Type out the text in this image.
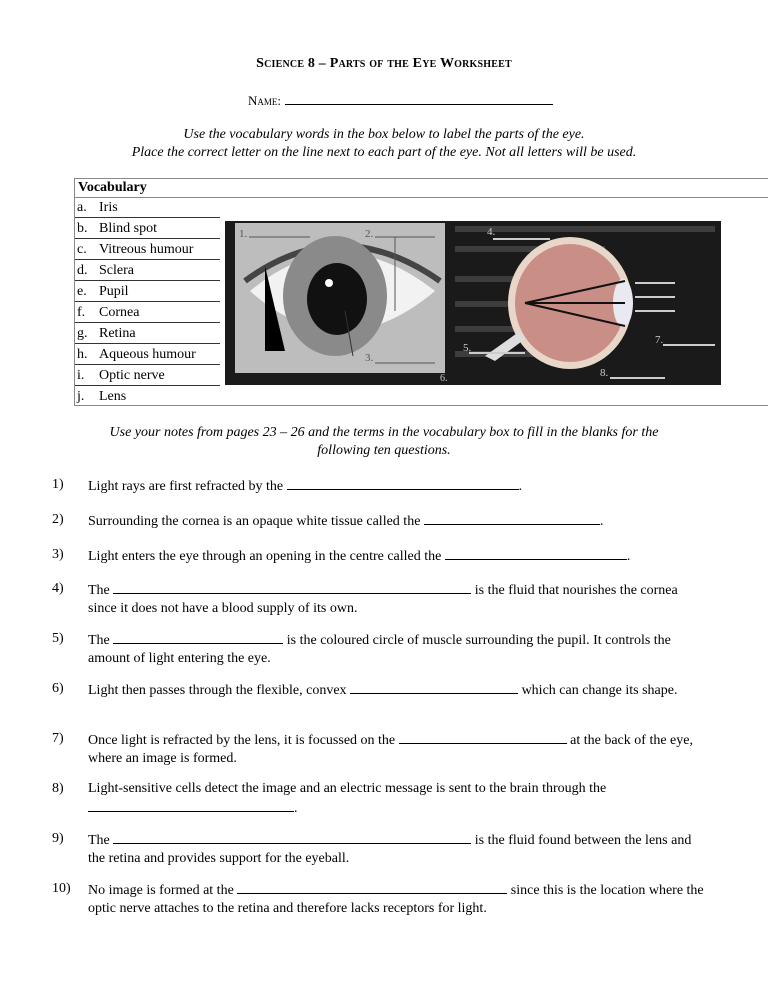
Science 8 – Parts of the Eye Worksheet
Name:
Use the vocabulary words in the box below to label the parts of the eye.
Place the correct letter on the line next to each part of the eye. Not all letters will be used.
Vocabulary
a. Iris
b. Blind spot
c. Vitreous humour
d. Sclera
e. Pupil
f. Cornea
g. Retina
h. Aqueous humour
i. Optic nerve
j. Lens
1.	2.
3.
4.
5.
7.
8.
6.
Use your notes from pages 23 – 26 and the terms in the vocabulary box to fill in the blanks for the
following ten questions.
1) Light rays are first refracted by the	.
2) Surrounding the cornea is an opaque white tissue called the	.
3) Light enters the eye through an opening in the centre called the	.
4) The	is the fluid that nourishes the cornea since it does not have a blood supply of its own.
5) The	is the coloured circle of muscle surrounding the pupil. It controls the amount of light entering the eye.
6) Light then passes through the flexible, convex	which can change its shape.
7) Once light is refracted by the lens, it is focussed on the	at the back of the eye, where an image is formed.
8) Light-sensitive cells detect the image and an electric message is sent to the brain through the
.
9) The	is the fluid found between the lens and the retina and provides support for the eyeball.
10) No image is formed at the	since this is the location where the optic nerve attaches to the retina and therefore lacks receptors for light.
